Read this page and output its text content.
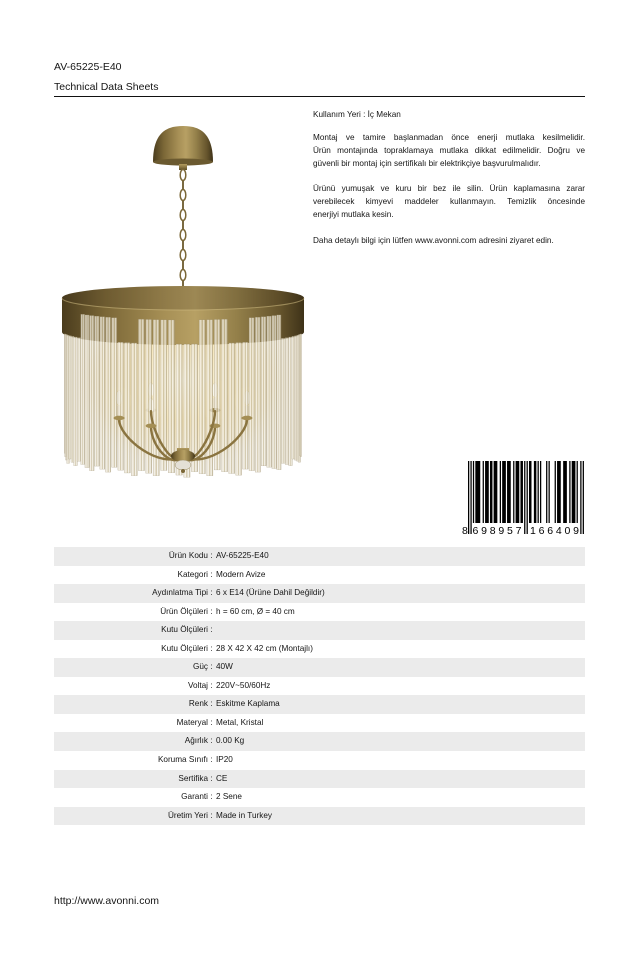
AV-65225-E40
Technical Data Sheets
Kullanım Yeri : İç Mekan
Montaj ve tamire başlanmadan önce enerji mutlaka kesilmelidir.
Ürün montajında topraklamaya mutlaka dikkat edilmelidir. Doğru ve
güvenli bir montaj için sertifikalı bir elektrikçiye başvurulmalıdır.
Ürünü yumuşak ve kuru bir bez ile silin. Ürün kaplamasına zarar
verebilecek kimyevi maddeler kullanmayın. Temizlik öncesinde
enerjiyi mutlaka kesin.
Daha detaylı bilgi için lütfen www.avonni.com adresini ziyaret edin.
8 698957 166409
Ürün Kodu : AV-65225-E40
Kategori : Modern Avize
Aydınlatma Tipi : 6 x E14 (Ürüne Dahil Değildir)
Ürün Ölçüleri : h = 60 cm, Ø = 40 cm
Kutu Ölçüleri :
Kutu Ölçüleri : 28 X 42 X 42 cm (Montajlı)
Güç : 40W
Voltaj : 220V~50/60Hz
Renk : Eskitme Kaplama
Materyal : Metal, Kristal
Ağırlık : 0.00 Kg
Koruma Sınıfı : IP20
Sertifika : CE
Garanti : 2 Sene
Üretim Yeri : Made in Turkey
http://www.avonni.com
